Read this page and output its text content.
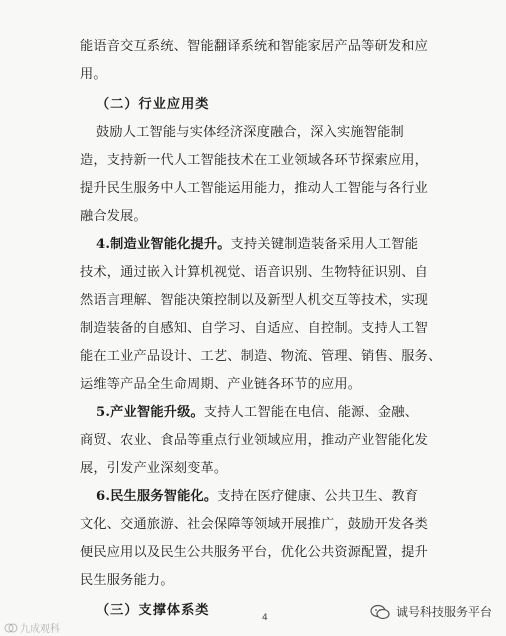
能语音交互系统、智能翻译系统和智能家居产品等研发和应
用。
（二）行业应用类
鼓励人工智能与实体经济深度融合，深入实施智能制
造，支持新一代人工智能技术在工业领域各环节探索应用，
提升民生服务中人工智能运用能力，推动人工智能与各行业
融合发展。
4.制造业智能化提升。支持关键制造装备采用人工智能
技术，通过嵌入计算机视觉、语音识别、生物特征识别、自
然语言理解、智能决策控制以及新型人机交互等技术，实现
制造装备的自感知、自学习、自适应、自控制。支持人工智
能在工业产品设计、工艺、制造、物流、管理、销售、服务、
运维等产品全生命周期、产业链各环节的应用。
5.产业智能升级。支持人工智能在电信、能源、金融、
商贸、农业、食品等重点行业领域应用，推动产业智能化发
展，引发产业深刻变革。
6.民生服务智能化。支持在医疗健康、公共卫生、教育
文化、交通旅游、社会保障等领域开展推广，鼓励开发各类
便民应用以及民生公共服务平台，优化公共资源配置，提升
民生服务能力。
（三）支撑体系类	4
九成观科
诚号科技服务平台
